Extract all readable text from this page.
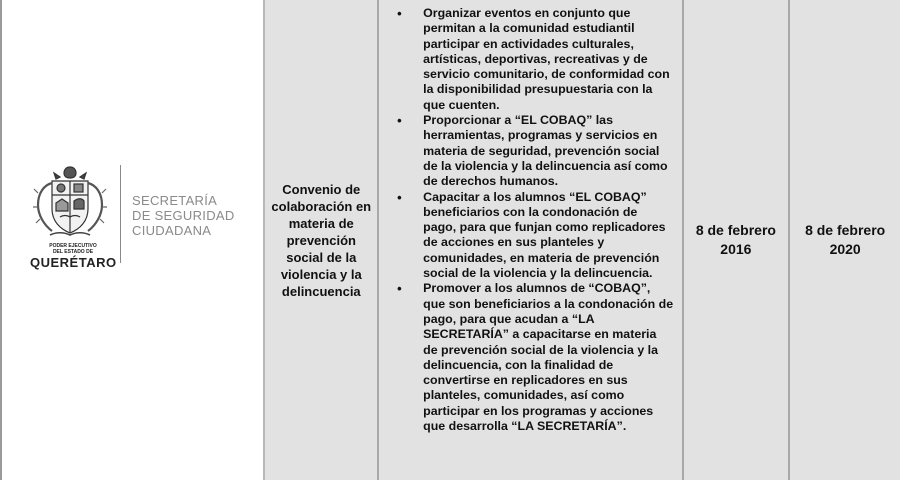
PODER EJECUTIVO
DEL ESTADO DE
QUERÉTARO
SECRETARÍA
DE SEGURIDAD
CIUDADANA
Convenio de colaboración en materia de prevención social de la violencia y la delincuencia
• Organizar eventos en conjunto que permitan a la comunidad estudiantil participar en actividades culturales, artísticas, deportivas, recreativas y de servicio comunitario, de conformidad con la disponibilidad presupuestaria con la que cuenten.
• Proporcionar a “EL COBAQ” las herramientas, programas y servicios en materia de seguridad, prevención social de la violencia y la delincuencia así como de derechos humanos.
• Capacitar a los alumnos “EL COBAQ” beneficiarios con la condonación de pago, para que funjan como replicadores de acciones en sus planteles y comunidades, en materia de prevención social de la violencia y la delincuencia.
• Promover a los alumnos de “COBAQ”, que son beneficiarios a la condonación de pago, para que acudan a “LA SECRETARÍA” a capacitarse en materia de prevención social de la violencia y la delincuencia, con la finalidad de convertirse en replicadores en sus planteles, comunidades, así como participar en los programas y acciones que desarrolla “LA SECRETARÍA”.
8 de febrero 2016
8 de febrero 2020
